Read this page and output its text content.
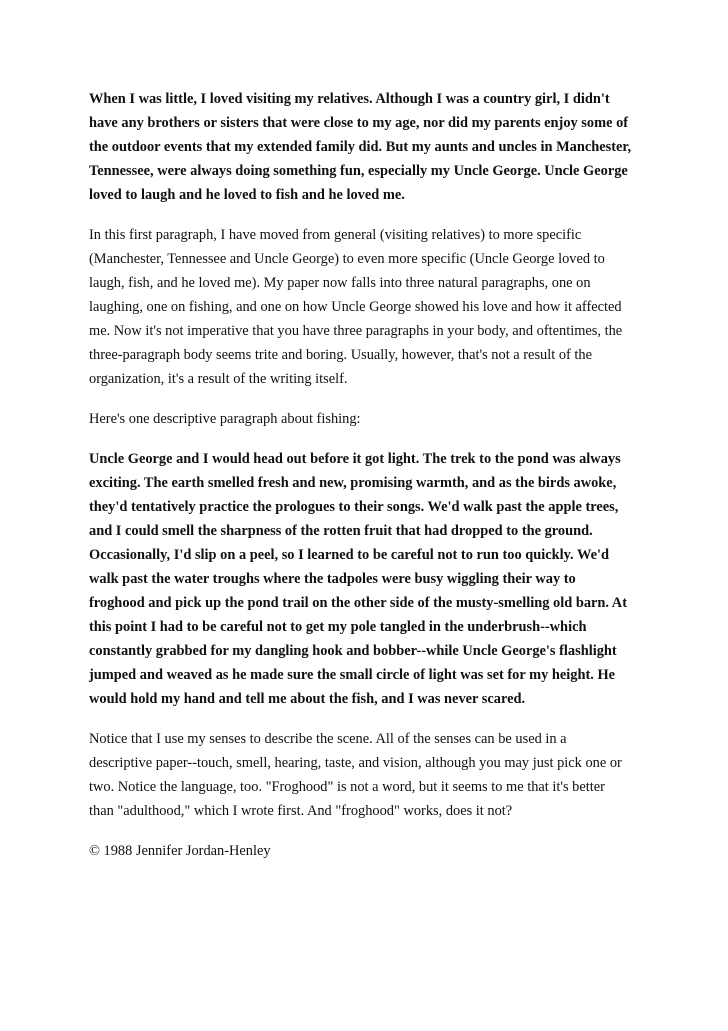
When I was little, I loved visiting my relatives. Although I was a country girl, I didn't
have any brothers or sisters that were close to my age, nor did my parents enjoy some of
the outdoor events that my extended family did. But my aunts and uncles in Manchester,
Tennessee, were always doing something fun, especially my Uncle George. Uncle George
loved to laugh and he loved to fish and he loved me.

In this first paragraph, I have moved from general (visiting relatives) to more specific
(Manchester, Tennessee and Uncle George) to even more specific (Uncle George loved to
laugh, fish, and he loved me). My paper now falls into three natural paragraphs, one on
laughing, one on fishing, and one on how Uncle George showed his love and how it affected
me. Now it's not imperative that you have three paragraphs in your body, and oftentimes, the
three-paragraph body seems trite and boring. Usually, however, that's not a result of the
organization, it's a result of the writing itself.

Here's one descriptive paragraph about fishing:

Uncle George and I would head out before it got light. The trek to the pond was always
exciting. The earth smelled fresh and new, promising warmth, and as the birds awoke,
they'd tentatively practice the prologues to their songs. We'd walk past the apple trees,
and I could smell the sharpness of the rotten fruit that had dropped to the ground.
Occasionally, I'd slip on a peel, so I learned to be careful not to run too quickly. We'd
walk past the water troughs where the tadpoles were busy wiggling their way to
froghood and pick up the pond trail on the other side of the musty-smelling old barn. At
this point I had to be careful not to get my pole tangled in the underbrush--which
constantly grabbed for my dangling hook and bobber--while Uncle George's flashlight
jumped and weaved as he made sure the small circle of light was set for my height. He
would hold my hand and tell me about the fish, and I was never scared.

Notice that I use my senses to describe the scene. All of the senses can be used in a
descriptive paper--touch, smell, hearing, taste, and vision, although you may just pick one or
two. Notice the language, too. "Froghood" is not a word, but it seems to me that it's better
than "adulthood," which I wrote first. And "froghood" works, does it not?

© 1988 Jennifer Jordan-Henley
